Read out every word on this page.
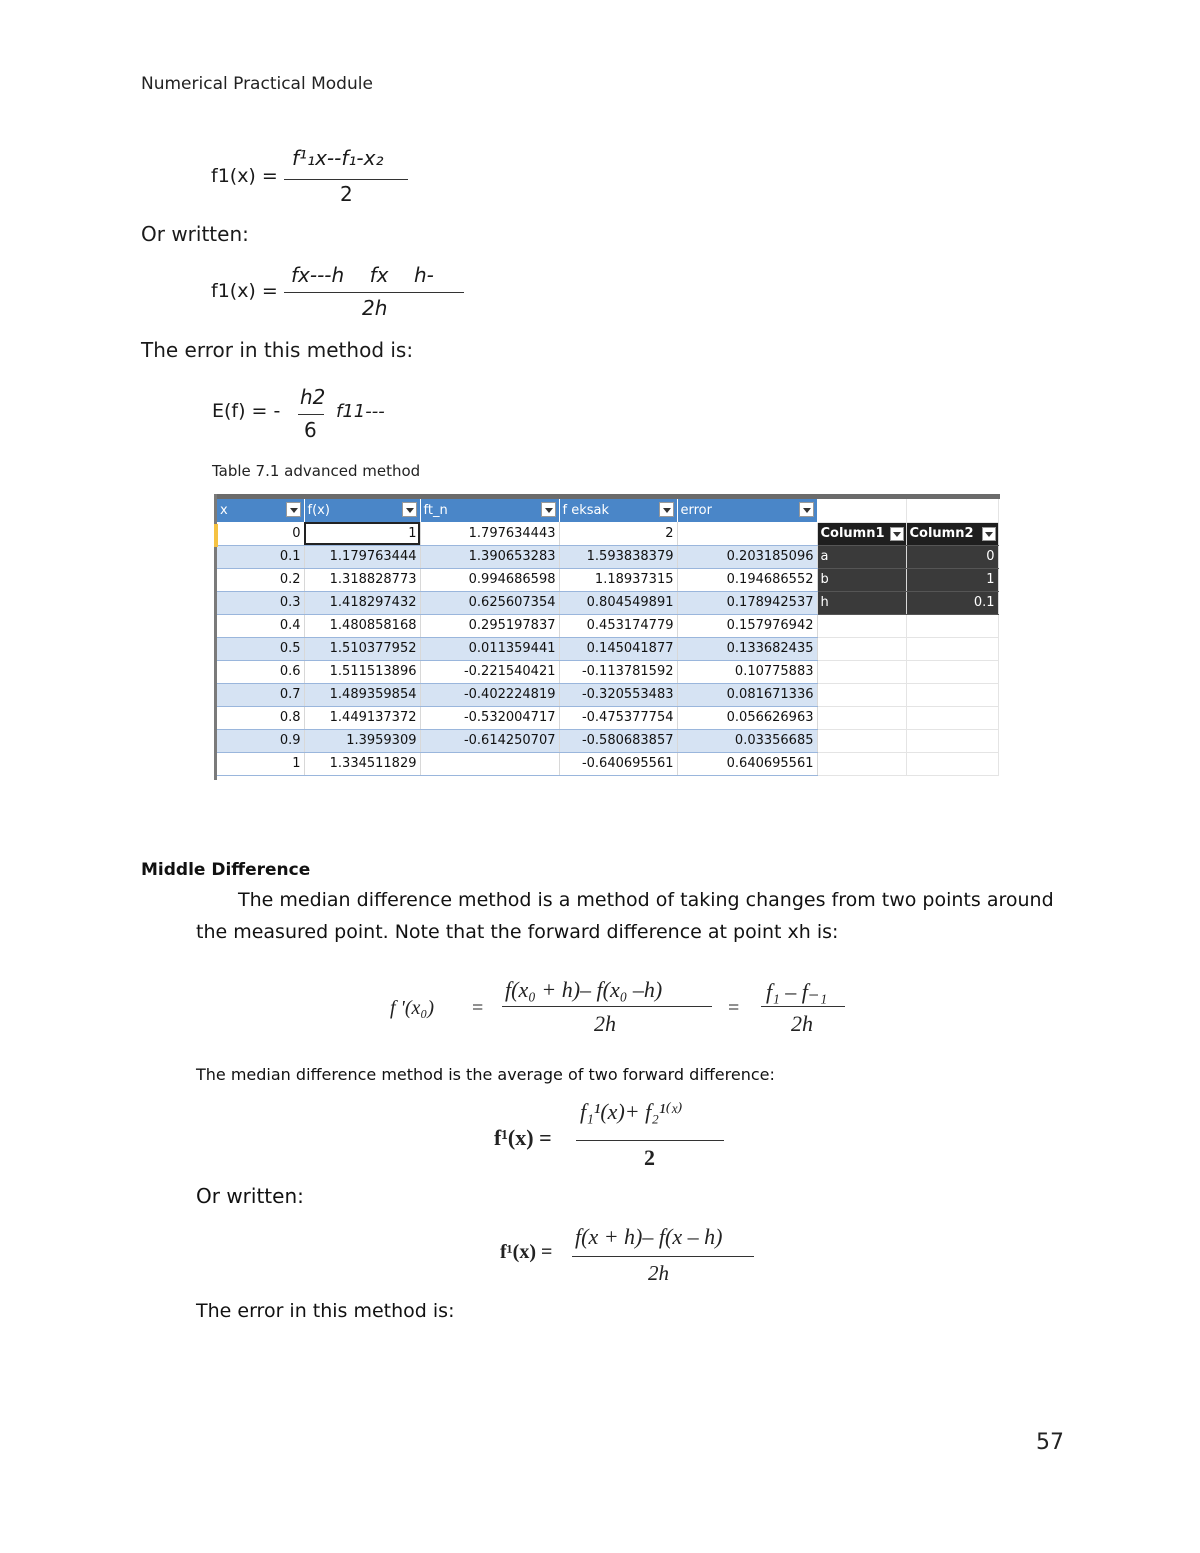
Numerical Practical Module
f1(x) =
f¹₁x--f₁-x₂
2
Or written:
f1(x) =
fx---h    fx    h-
2h
The error in this method is:
E(f) = -
h2
6
f11---
Table 7.1 advanced method
x	f(x)	ft_n	f eksak	error

0	1	1.797634443	2		Column1	Column2

0.1	1.179763444	1.390653283	1.593838379	0.203185096	a	0
0.2	1.318828773	0.994686598	1.18937315	0.194686552	b	1
0.3	1.418297432	0.625607354	0.804549891	0.178942537	h	0.1
0.4	1.480858168	0.295197837	0.453174779	0.157976942		
0.5	1.510377952	0.011359441	0.145041877	0.133682435		
0.6	1.511513896	-0.221540421	-0.113781592	0.10775883		
0.7	1.489359854	-0.402224819	-0.320553483	0.081671336		
0.8	1.449137372	-0.532004717	-0.475377754	0.056626963		
0.9	1.3959309	-0.614250707	-0.580683857	0.03356685		
1	1.334511829		-0.640695561	0.640695561		
Middle Difference
The median difference method is a method of taking changes from two points around
the measured point. Note that the forward difference at point xh is:
f '(x₀) =
f(x₀ + h)– f(x₀ –h)
2h
=
f₁ – f₋₁
2h
The median difference method is the average of two forward difference:
f¹(x) =
f₁¹(x)+ f₂¹⁽ˣ⁾
2
Or written:
f¹(x) =
f(x + h)– f(x – h)
2h
The error in this method is:
57
